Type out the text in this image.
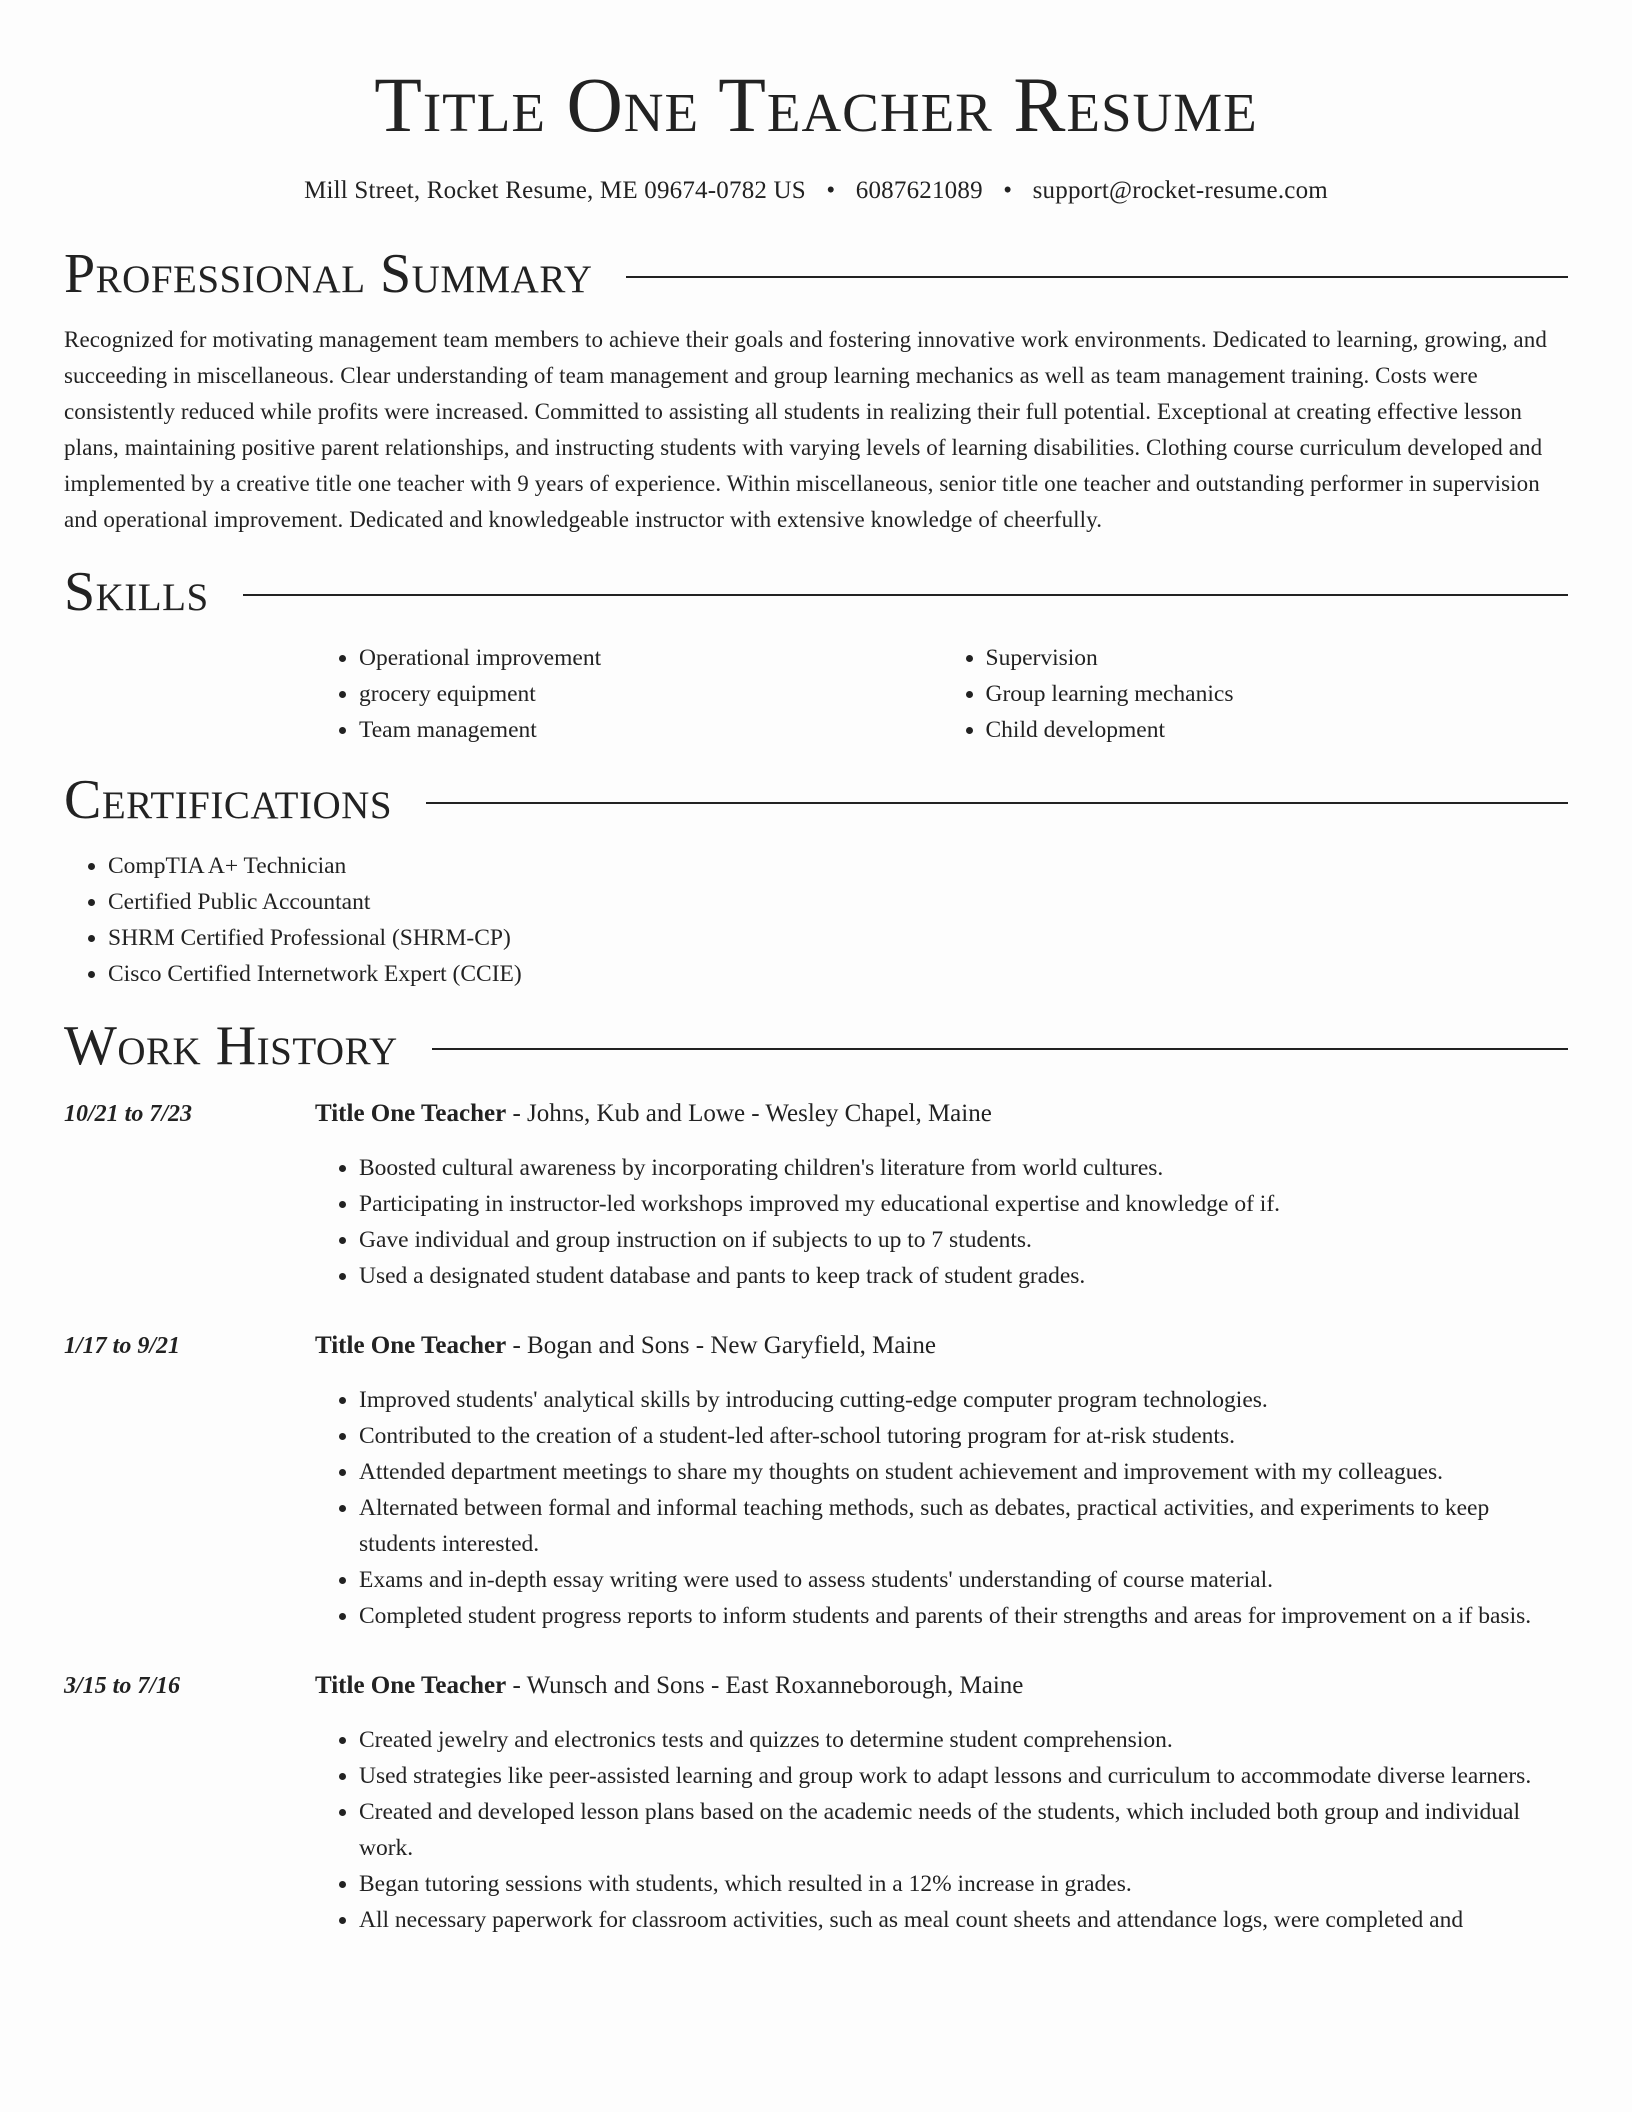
Title One Teacher Resume
Mill Street, Rocket Resume, ME 09674-0782 US • 6087621089 • support@rocket-resume.com
Professional Summary

Recognized for motivating management team members to achieve their goals and fostering innovative work environments. Dedicated to learning, growing, and succeeding in miscellaneous. Clear understanding of team management and group learning mechanics as well as team management training. Costs were consistently reduced while profits were increased. Committed to assisting all students in realizing their full potential. Exceptional at creating effective lesson plans, maintaining positive parent relationships, and instructing students with varying levels of learning disabilities. Clothing course curriculum developed and implemented by a creative title one teacher with 9 years of experience. Within miscellaneous, senior title one teacher and outstanding performer in supervision and operational improvement. Dedicated and knowledgeable instructor with extensive knowledge of cheerfully.

Skills
• Operational improvement
• grocery equipment
• Team management
• Supervision
• Group learning mechanics
• Child development
Certifications
• CompTIA A+ Technician
• Certified Public Accountant
• SHRM Certified Professional (SHRM-CP)
• Cisco Certified Internetwork Expert (CCIE)
Work History
10/21 to 7/23	Title One Teacher - Johns, Kub and Lowe - Wesley Chapel, Maine
• Boosted cultural awareness by incorporating children's literature from world cultures.
• Participating in instructor-led workshops improved my educational expertise and knowledge of if.
• Gave individual and group instruction on if subjects to up to 7 students.
• Used a designated student database and pants to keep track of student grades.
1/17 to 9/21	Title One Teacher - Bogan and Sons - New Garyfield, Maine
• Improved students' analytical skills by introducing cutting-edge computer program technologies.
• Contributed to the creation of a student-led after-school tutoring program for at-risk students.
• Attended department meetings to share my thoughts on student achievement and improvement with my colleagues.
• Alternated between formal and informal teaching methods, such as debates, practical activities, and experiments to keep students interested.
• Exams and in-depth essay writing were used to assess students' understanding of course material.
• Completed student progress reports to inform students and parents of their strengths and areas for improvement on a if basis.
3/15 to 7/16	Title One Teacher - Wunsch and Sons - East Roxanneborough, Maine
• Created jewelry and electronics tests and quizzes to determine student comprehension.
• Used strategies like peer-assisted learning and group work to adapt lessons and curriculum to accommodate diverse learners.
• Created and developed lesson plans based on the academic needs of the students, which included both group and individual work.
• Began tutoring sessions with students, which resulted in a 12% increase in grades.
• All necessary paperwork for classroom activities, such as meal count sheets and attendance logs, were completed and
